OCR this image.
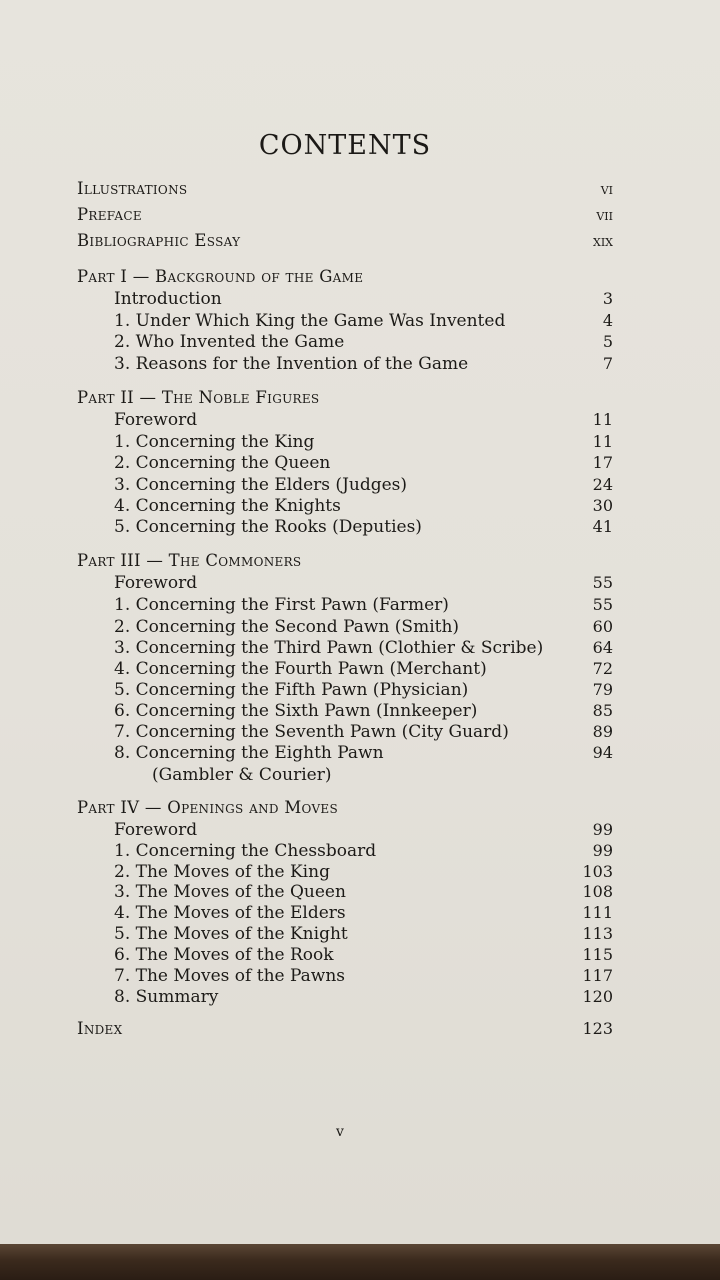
CONTENTS
Illustrations	vi
Preface	vii
Bibliographic Essay	xix
Part I — Background of the Game
Introduction	3
1. Under Which King the Game Was Invented	4
2. Who Invented the Game	5
3. Reasons for the Invention of the Game	7
Part II — The Noble Figures
Foreword	11
1. Concerning the King	11
2. Concerning the Queen	17
3. Concerning the Elders (Judges)	24
4. Concerning the Knights	30
5. Concerning the Rooks (Deputies)	41
Part III — The Commoners
Foreword	55
1. Concerning the First Pawn (Farmer)	55
2. Concerning the Second Pawn (Smith)	60
3. Concerning the Third Pawn (Clothier & Scribe)	64
4. Concerning the Fourth Pawn (Merchant)	72
5. Concerning the Fifth Pawn (Physician)	79
6. Concerning the Sixth Pawn (Innkeeper)	85
7. Concerning the Seventh Pawn (City Guard)	89
8. Concerning the Eighth Pawn	94
(Gambler & Courier)
Part IV — Openings and Moves
Foreword	99
1. Concerning the Chessboard	99
2. The Moves of the King	103
3. The Moves of the Queen	108
4. The Moves of the Elders	111
5. The Moves of the Knight	113
6. The Moves of the Rook	115
7. The Moves of the Pawns	117
8. Summary	120
Index	123
v
